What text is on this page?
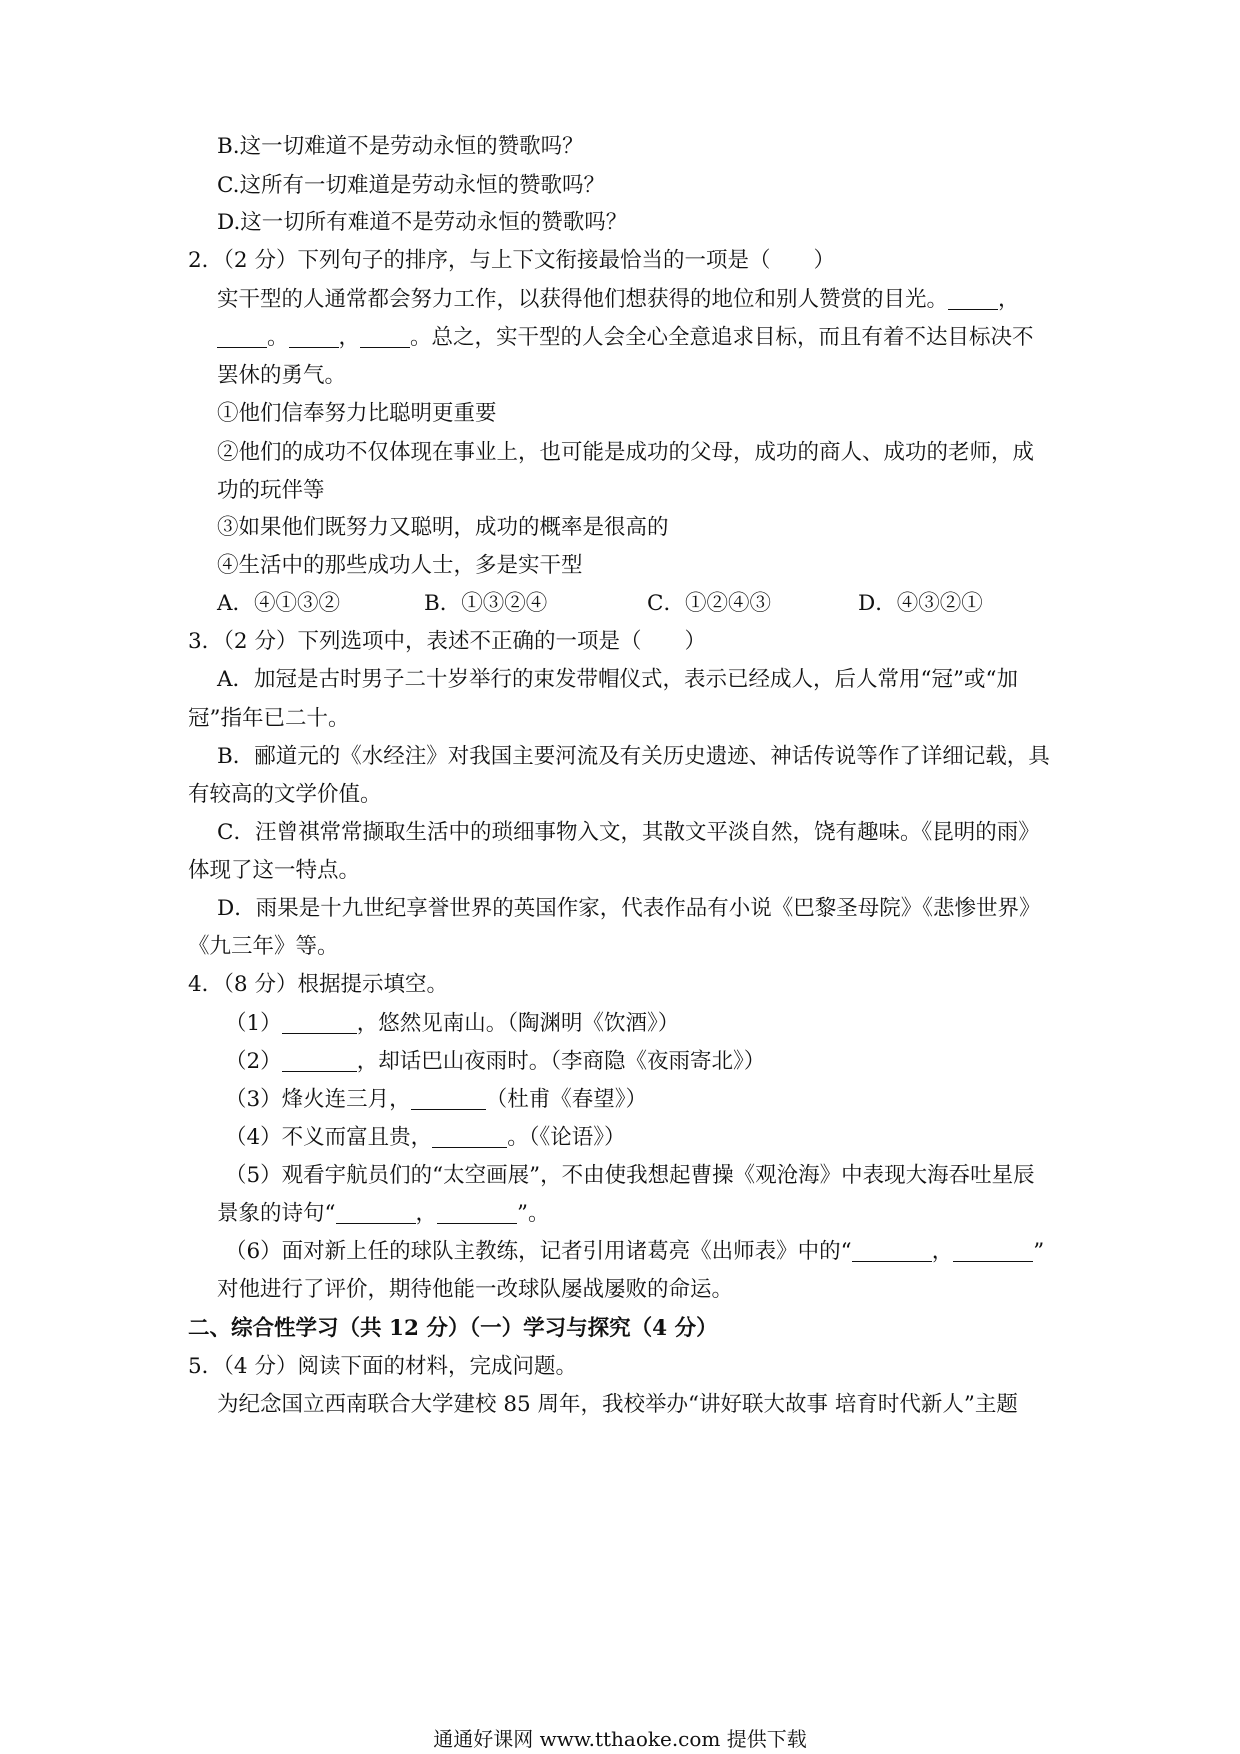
B.这一切难道不是劳动永恒的赞歌吗？
C.这所有一切难道是劳动永恒的赞歌吗？
D.这一切所有难道不是劳动永恒的赞歌吗？
2．（2 分）下列句子的排序，与上下文衔接最恰当的一项是（　　）
实干型的人通常都会努力工作，以获得他们想获得的地位和别人赞赏的目光。 ，
。 ， 。总之，实干型的人会全心全意追求目标，而且有着不达目标决不
罢休的勇气。
①他们信奉努力比聪明更重要
②他们的成功不仅体现在事业上，也可能是成功的父母，成功的商人、成功的老师，成
功的玩伴等
③如果他们既努力又聪明，成功的概率是很高的
④生活中的那些成功人士，多是实干型
A．④①③②	B．①③②④	C．①②④③	D．④③②①
3．（2 分）下列选项中，表述不正确的一项是（　　）
A．加冠是古时男子二十岁举行的束发带帽仪式，表示已经成人，后人常用“冠”或“加
冠”指年已二十。
B．郦道元的《水经注》对我国主要河流及有关历史遗迹、神话传说等作了详细记载，具
有较高的文学价值。
C．汪曾祺常常撷取生活中的琐细事物入文，其散文平淡自然，饶有趣味。《昆明的雨》
体现了这一特点。
D．雨果是十九世纪享誉世界的英国作家，代表作品有小说《巴黎圣母院》《悲惨世界》
《九三年》等。
4．（8 分）根据提示填空。
（1）	，悠然见南山。（陶渊明《饮酒》）
（2）	，却话巴山夜雨时。（李商隐《夜雨寄北》）
（3）烽火连三月，	（杜甫《春望》）
（4）不义而富且贵，	。（《论语》）
（5）观看宇航员们的“太空画展”，不由使我想起曹操《观沧海》中表现大海吞吐星辰
景象的诗句“	，	”。
（6）面对新上任的球队主教练，记者引用诸葛亮《出师表》中的“	，	”
对他进行了评价，期待他能一改球队屡战屡败的命运。
二、综合性学习（共 12 分）（一）学习与探究（4 分）
5．（4 分）阅读下面的材料，完成问题。
为纪念国立西南联合大学建校 85 周年，我校举办“讲好联大故事 培育时代新人”主题
通通好课网 www.tthaoke.com 提供下载
